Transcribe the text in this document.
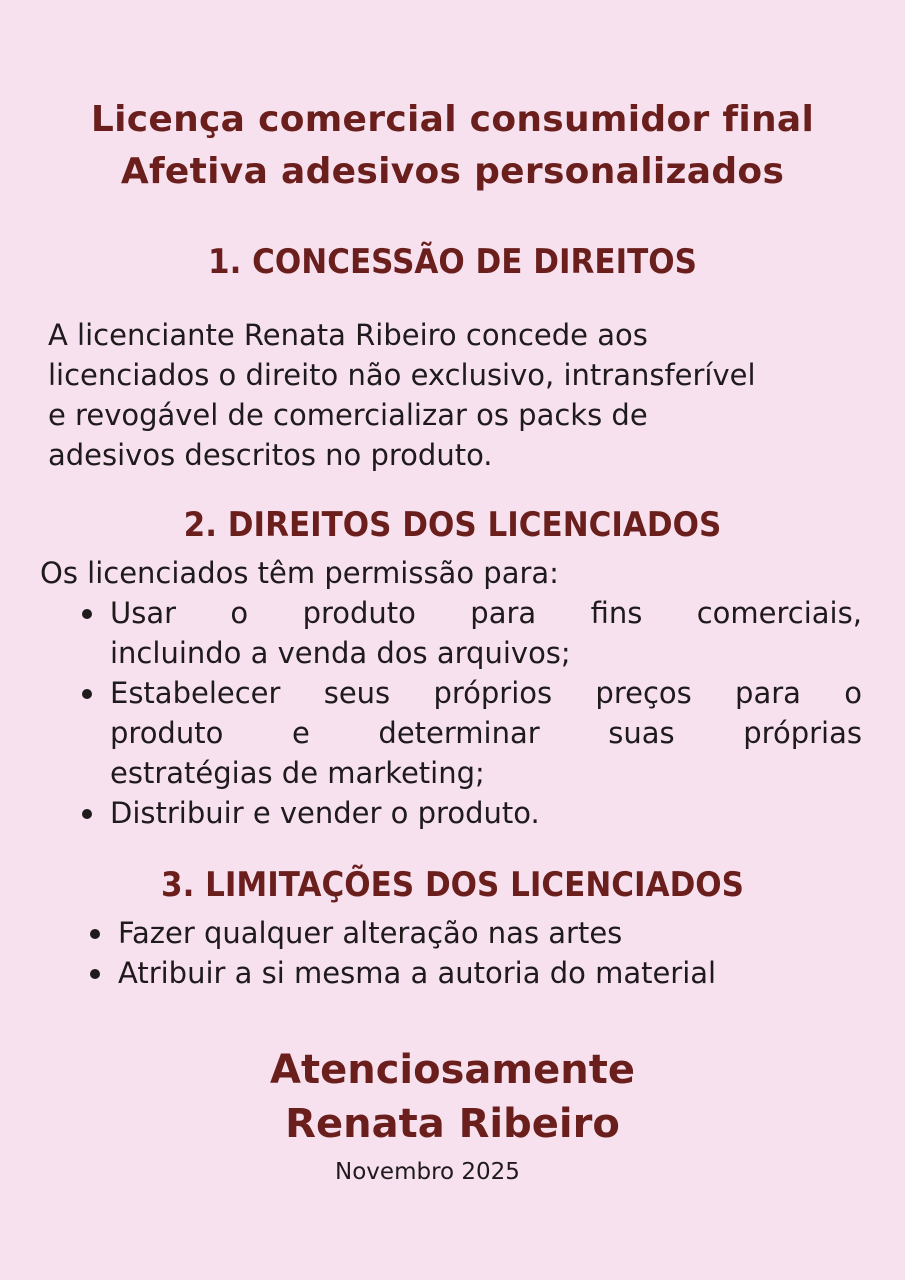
Licença comercial consumidor final
Afetiva adesivos personalizados
1. CONCESSÃO DE DIREITOS
A licenciante Renata Ribeiro concede aos
licenciados o direito não exclusivo, intransferível
e revogável de comercializar os packs de
adesivos descritos no produto.
2. DIREITOS DOS LICENCIADOS
Os licenciados têm permissão para:
Usar o produto para fins comerciais,
incluindo a venda dos arquivos;
Estabelecer seus próprios preços para o
produto e determinar suas próprias
estratégias de marketing;
Distribuir e vender o produto.
3. LIMITAÇÕES DOS LICENCIADOS
Fazer qualquer alteração nas artes
Atribuir a si mesma a autoria do material
Atenciosamente
Renata Ribeiro
Novembro 2025
